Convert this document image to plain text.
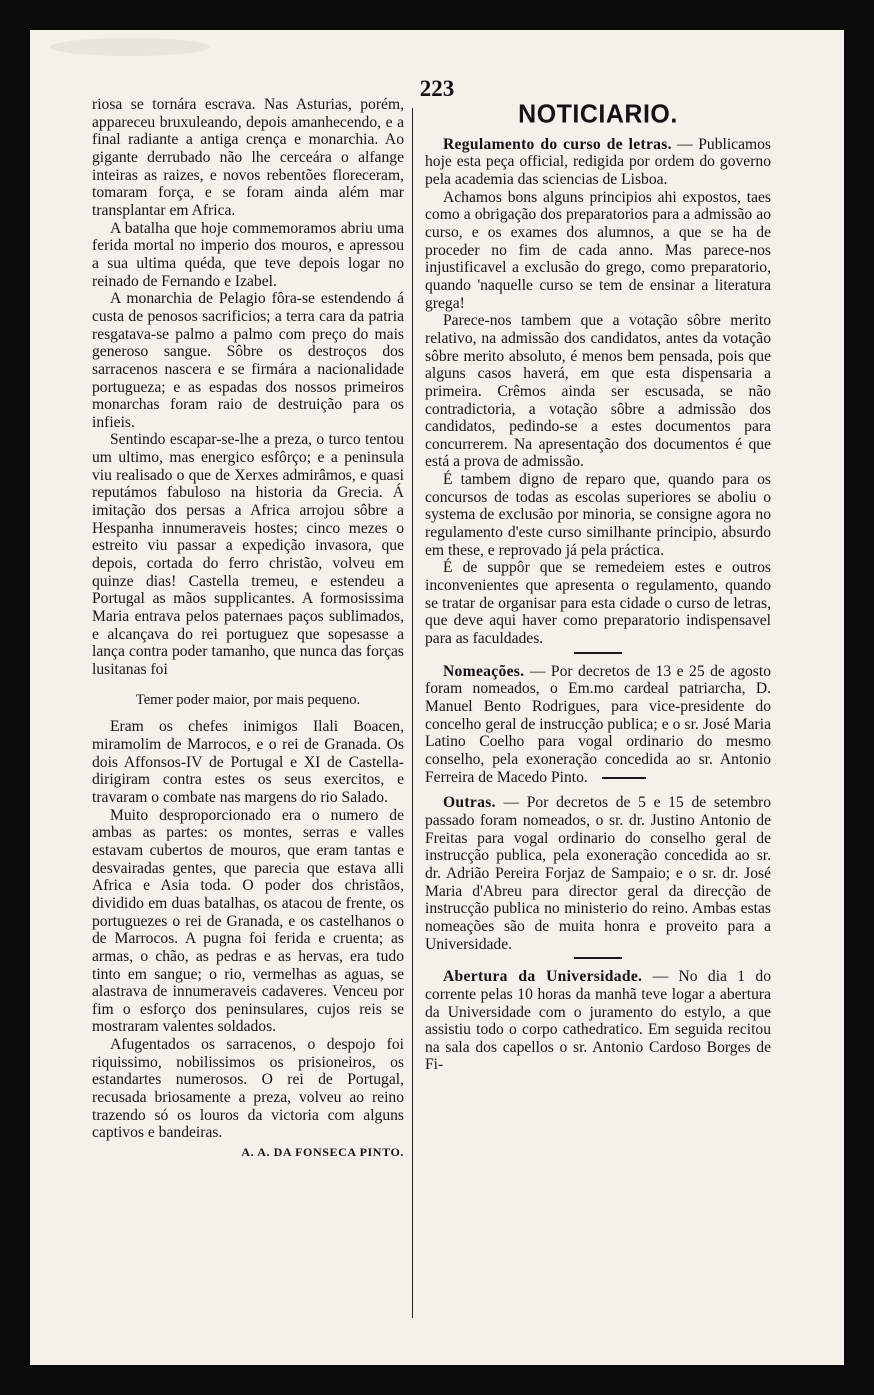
223

riosa se tornára escrava. Nas Asturias, porém, appareceu bruxuleando, depois amanhecendo, e a final radiante a antiga crença e monarchia. Ao gigante derrubado não lhe cerceára o alfange inteiras as raizes, e novos rebentões floreceram, tomaram força, e se foram ainda além mar transplantar em Africa.

A batalha que hoje commemoramos abriu uma ferida mortal no imperio dos mouros, e apressou a sua ultima quéda, que teve depois logar no reinado de Fernando e Izabel.

A monarchia de Pelagio fôra-se estendendo á custa de penosos sacrificios; a terra cara da patria resgatava-se palmo a palmo com preço do mais generoso sangue. Sôbre os destroços dos sarracenos nascera e se firmára a nacionalidade portugueza; e as espadas dos nossos primeiros monarchas foram raio de destruição para os infieis.

Sentindo escapar-se-lhe a preza, o turco tentou um ultimo, mas energico esfôrço; e a peninsula viu realisado o que de Xerxes admirâmos, e quasi reputámos fabuloso na historia da Grecia. Á imitação dos persas a Africa arrojou sôbre a Hespanha innumeraveis hostes; cinco mezes o estreito viu passar a expedição invasora, que depois, cortada do ferro christão, volveu em quinze dias! Castella tremeu, e estendeu a Portugal as mãos supplicantes. A formosissima Maria entrava pelos paternaes paços sublimados, e alcançava do rei portuguez que sopesasse a lança contra poder tamanho, que nunca das forças lusitanas foi

Temer poder maior, por mais pequeno.

Eram os chefes inimigos Ilali Boacen, miramolim de Marrocos, e o rei de Granada. Os dois Affonsos-IV de Portugal e XI de Castella-dirigiram contra estes os seus exercitos, e travaram o combate nas margens do rio Salado.

Muito desproporcionado era o numero de ambas as partes: os montes, serras e valles estavam cubertos de mouros, que eram tantas e desvairadas gentes, que parecia que estava alli Africa e Asia toda. O poder dos christãos, dividido em duas batalhas, os atacou de frente, os portuguezes o rei de Granada, e os castelhanos o de Marrocos. A pugna foi ferida e cruenta; as armas, o chão, as pedras e as hervas, era tudo tinto em sangue; o rio, vermelhas as aguas, se alastrava de innumeraveis cadaveres. Venceu por fim o esforço dos peninsulares, cujos reis se mostraram valentes soldados.

Afugentados os sarracenos, o despojo foi riquissimo, nobilissimos os prisioneiros, os estandartes numerosos. O rei de Portugal, recusada briosamente a preza, volveu ao reino trazendo só os louros da victoria com alguns captivos e bandeiras.

A. A. DA FONSECA PINTO.

NOTICIARIO.

Regulamento do curso de letras. — Publicamos hoje esta peça official, redigida por ordem do governo pela academia das sciencias de Lisboa.

Achamos bons alguns principios ahi expostos, taes como a obrigação dos preparatorios para a admissão ao curso, e os exames dos alumnos, a que se ha de proceder no fim de cada anno. Mas parece-nos injustificavel a exclusão do grego, como preparatorio, quando 'naquelle curso se tem de ensinar a literatura grega!

Parece-nos tambem que a votação sôbre merito relativo, na admissão dos candidatos, antes da votação sôbre merito absoluto, é menos bem pensada, pois que alguns casos haverá, em que esta dispensaria a primeira. Crêmos ainda ser escusada, se não contradictoria, a votação sôbre a admissão dos candidatos, pedindo-se a estes documentos para concurrerem. Na apresentação dos documentos é que está a prova de admissão.

É tambem digno de reparo que, quando para os concursos de todas as escolas superiores se aboliu o systema de exclusão por minoria, se consigne agora no regulamento d'este curso similhante principio, absurdo em these, e reprovado já pela práctica.

É de suppôr que se remedeiem estes e outros inconvenientes que apresenta o regulamento, quando se tratar de organisar para esta cidade o curso de letras, que deve aqui haver como preparatorio indispensavel para as faculdades.

Nomeações. — Por decretos de 13 e 25 de agosto foram nomeados, o Em.mo cardeal patriarcha, D. Manuel Bento Rodrigues, para vice-presidente do concelho geral de instrucção publica; e o sr. José Maria Latino Coelho para vogal ordinario do mesmo conselho, pela exoneração concedida ao sr. Antonio Ferreira de Macedo Pinto.

Outras. — Por decretos de 5 e 15 de setembro passado foram nomeados, o sr. dr. Justino Antonio de Freitas para vogal ordinario do conselho geral de instrucção publica, pela exoneração concedida ao sr. dr. Adrião Pereira Forjaz de Sampaio; e o sr. dr. José Maria d'Abreu para director geral da direcção de instrucção publica no ministerio do reino. Ambas estas nomeações são de muita honra e proveito para a Universidade.

Abertura da Universidade. — No dia 1 do corrente pelas 10 horas da manhã teve logar a abertura da Universidade com o juramento do estylo, a que assistiu todo o corpo cathedratico. Em seguida recitou na sala dos capellos o sr. Antonio Cardoso Borges de Fi-
